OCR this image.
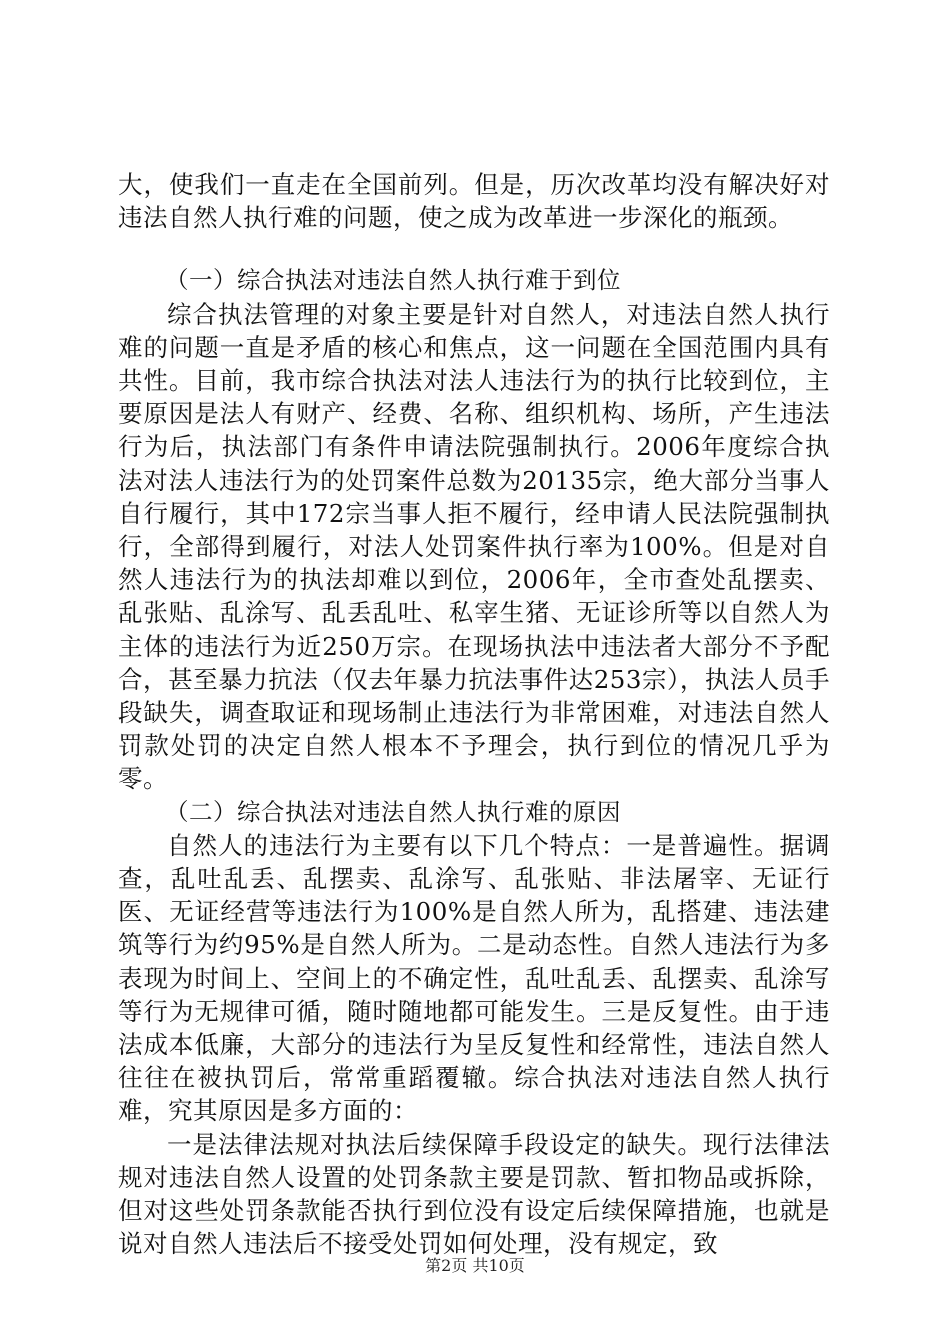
大，使我们一直走在全国前列。但是，历次改革均没有解决好对违法自然人执行难的问题，使之成为改革进一步深化的瓶颈。

（一）综合执法对违法自然人执行难于到位

综合执法管理的对象主要是针对自然人，对违法自然人执行难的问题一直是矛盾的核心和焦点，这一问题在全国范围内具有共性。目前，我市综合执法对法人违法行为的执行比较到位，主要原因是法人有财产、经费、名称、组织机构、场所，产生违法行为后，执法部门有条件申请法院强制执行。2006年度综合执法对法人违法行为的处罚案件总数为20135宗，绝大部分当事人自行履行，其中172宗当事人拒不履行，经申请人民法院强制执行，全部得到履行，对法人处罚案件执行率为100%。但是对自然人违法行为的执法却难以到位，2006年，全市查处乱摆卖、乱张贴、乱涂写、乱丢乱吐、私宰生猪、无证诊所等以自然人为主体的违法行为近250万宗。在现场执法中违法者大部分不予配合，甚至暴力抗法（仅去年暴力抗法事件达253宗），执法人员手段缺失，调查取证和现场制止违法行为非常困难，对违法自然人罚款处罚的决定自然人根本不予理会，执行到位的情况几乎为零。

（二）综合执法对违法自然人执行难的原因

自然人的违法行为主要有以下几个特点：一是普遍性。据调查，乱吐乱丢、乱摆卖、乱涂写、乱张贴、非法屠宰、无证行医、无证经营等违法行为100%是自然人所为，乱搭建、违法建筑等行为约95%是自然人所为。二是动态性。自然人违法行为多表现为时间上、空间上的不确定性，乱吐乱丢、乱摆卖、乱涂写等行为无规律可循，随时随地都可能发生。三是反复性。由于违法成本低廉，大部分的违法行为呈反复性和经常性，违法自然人往往在被执罚后，常常重蹈覆辙。综合执法对违法自然人执行难，究其原因是多方面的：

一是法律法规对执法后续保障手段设定的缺失。现行法律法规对违法自然人设置的处罚条款主要是罚款、暂扣物品或拆除，但对这些处罚条款能否执行到位没有设定后续保障措施，也就是说对自然人违法后不接受处罚如何处理，没有规定，致

第2页 共10页
